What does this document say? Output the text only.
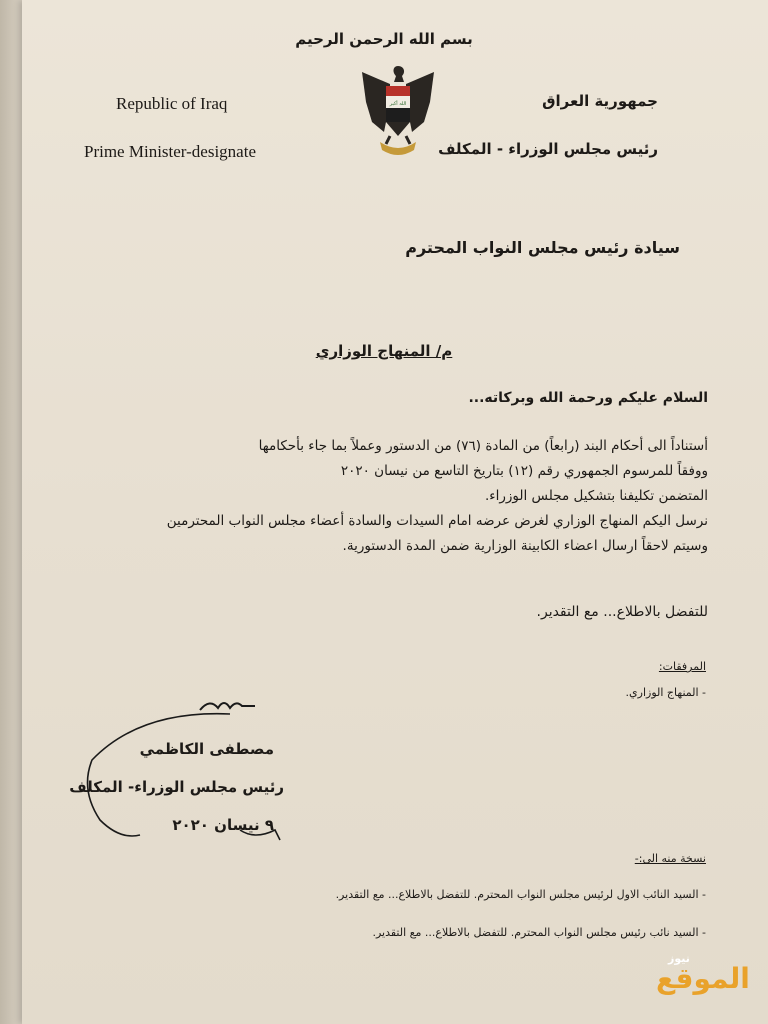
بسم الله الرحمن الرحيم
Republic of Iraq
Prime Minister-designate
جمهورية العراق
رئيس مجلس الوزراء - المكلف
الله أكبر
سيادة رئيس مجلس النواب المحترم
م/ المنهاج الوزاري
السلام عليكم ورحمة الله وبركاته...
أستناداً الى أحكام البند (رابعاً) من المادة (٧٦) من الدستور وعملاً بما جاء بأحكامها
ووفقاً للمرسوم الجمهوري رقم (١٢) بتاريخ التاسع من نيسان ٢٠٢٠
المتضمن تكليفنا بتشكيل مجلس الوزراء.
نرسل اليكم المنهاج الوزاري لغرض عرضه امام السيدات والسادة أعضاء مجلس النواب المحترمين
وسيتم لاحقاً ارسال اعضاء الكابينة الوزارية ضمن المدة الدستورية.
للتفضل بالاطلاع... مع التقدير.
المرفقات:
- المنهاج الوزاري.
مصطفى الكاظمي
رئيس مجلس الوزراء- المكلف
٩ نيسان ٢٠٢٠
نسخة منه الى:-
- السيد النائب الاول لرئيس مجلس النواب المحترم. للتفضل بالاطلاع... مع التقدير.
- السيد نائب رئيس مجلس النواب المحترم. للتفضل بالاطلاع... مع التقدير.
نيوز
الموقع
